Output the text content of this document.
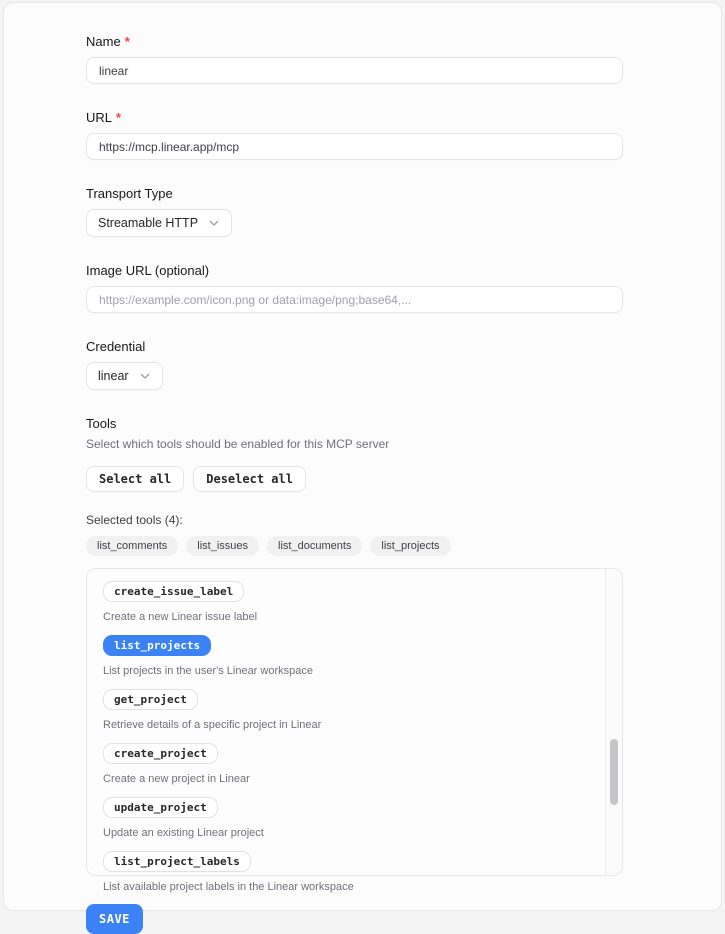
Name *
linear
URL *
https://mcp.linear.app/mcp
Transport Type
Streamable HTTP
Image URL (optional)
https://example.com/icon.png or data:image/png;base64,...
Credential
linear
Tools
Select which tools should be enabled for this MCP server
Select all	Deselect all
Selected tools (4):
list_comments	list_issues	list_documents	list_projects
create_issue_label
Create a new Linear issue label
list_projects
List projects in the user's Linear workspace
get_project
Retrieve details of a specific project in Linear
create_project
Create a new project in Linear
update_project
Update an existing Linear project
list_project_labels
List available project labels in the Linear workspace
SAVE
